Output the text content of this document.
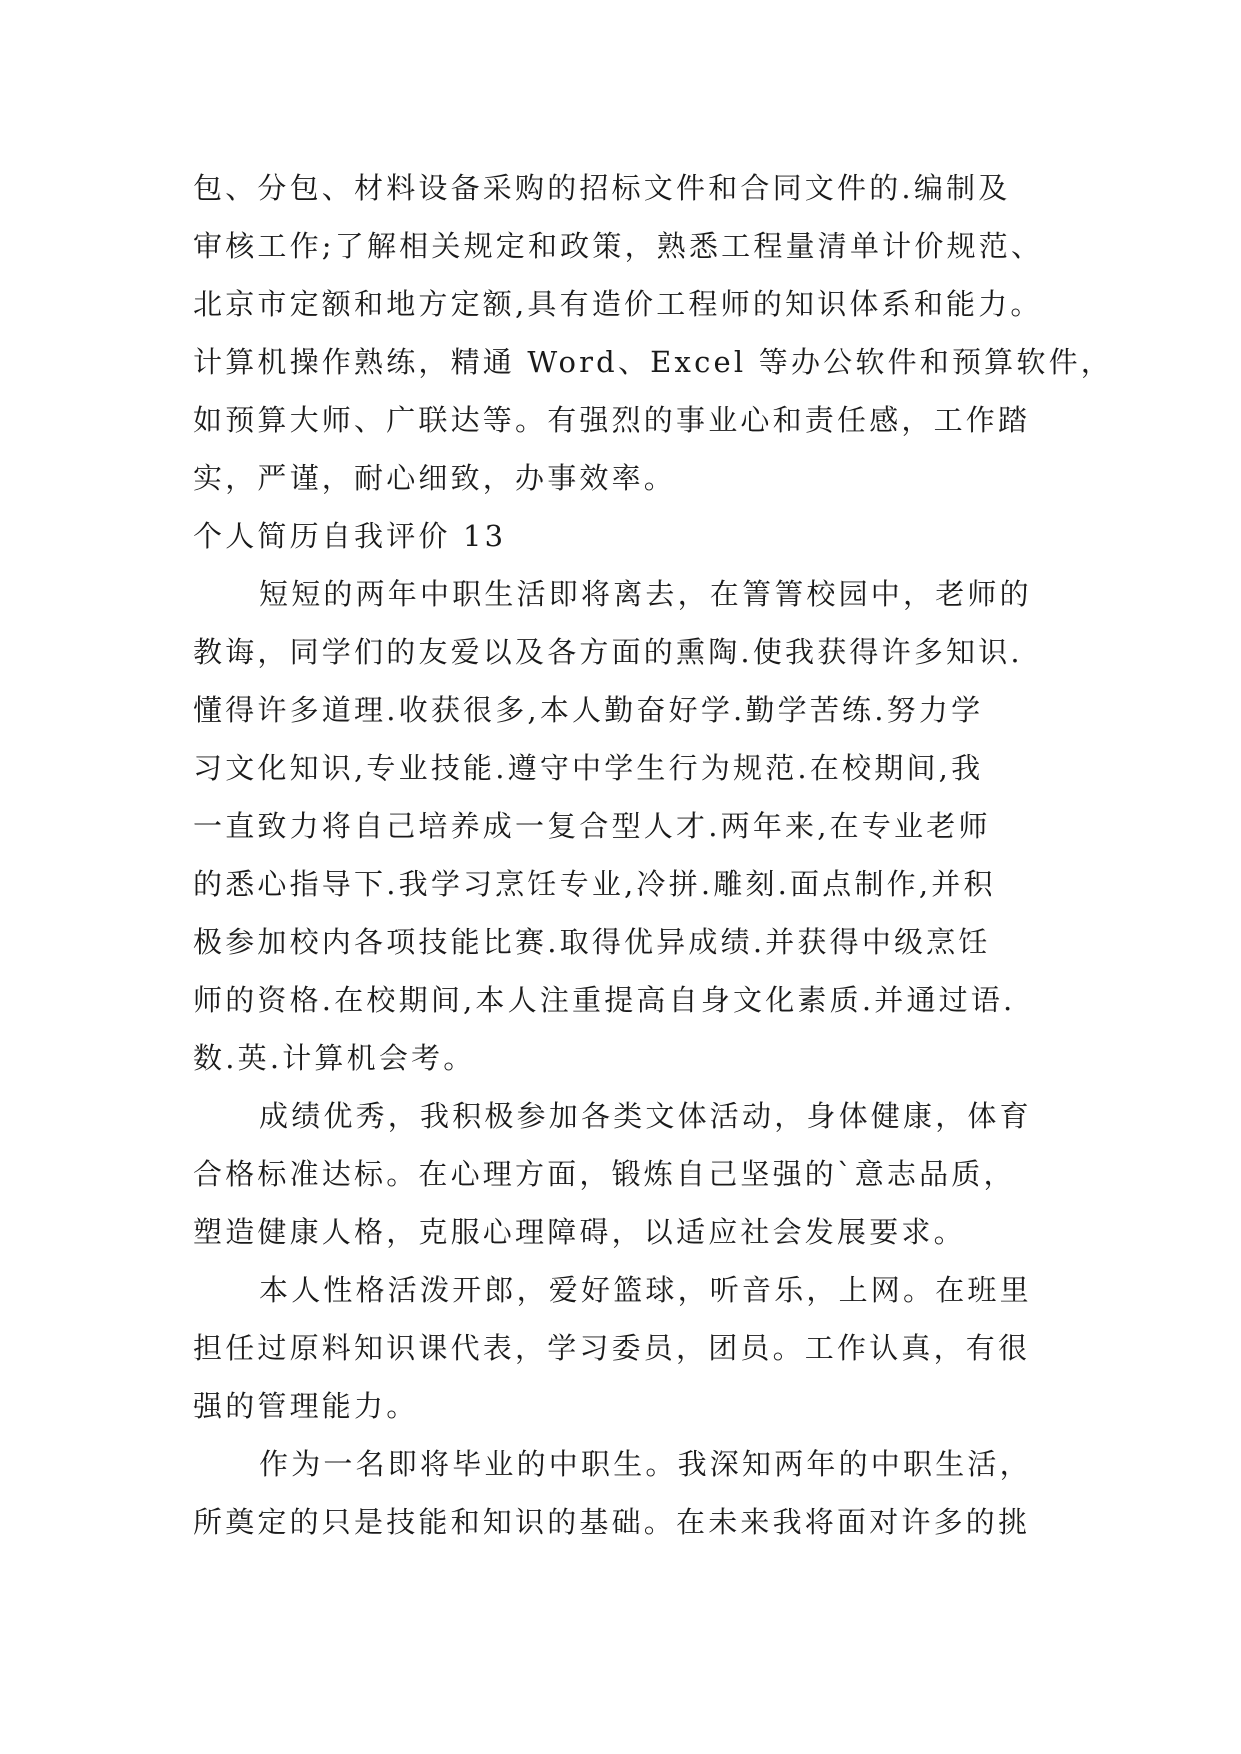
包、分包、材料设备采购的招标文件和合同文件的.编制及
审核工作;了解相关规定和政策，熟悉工程量清单计价规范、
北京市定额和地方定额,具有造价工程师的知识体系和能力。
计算机操作熟练，精通 Word、Excel 等办公软件和预算软件，
如预算大师、广联达等。有强烈的事业心和责任感，工作踏
实，严谨，耐心细致，办事效率。
个人简历自我评价 13
短短的两年中职生活即将离去，在箐箐校园中，老师的
教诲，同学们的友爱以及各方面的熏陶.使我获得许多知识.
懂得许多道理.收获很多,本人勤奋好学.勤学苦练.努力学
习文化知识,专业技能.遵守中学生行为规范.在校期间,我
一直致力将自己培养成一复合型人才.两年来,在专业老师
的悉心指导下.我学习烹饪专业,冷拼.雕刻.面点制作,并积
极参加校内各项技能比赛.取得优异成绩.并获得中级烹饪
师的资格.在校期间,本人注重提高自身文化素质.并通过语.
数.英.计算机会考。
成绩优秀，我积极参加各类文体活动，身体健康，体育
合格标准达标。在心理方面，锻炼自己坚强的`意志品质，
塑造健康人格，克服心理障碍，以适应社会发展要求。
本人性格活泼开郎，爱好篮球，听音乐，上网。在班里
担任过原料知识课代表，学习委员，团员。工作认真，有很
强的管理能力。
作为一名即将毕业的中职生。我深知两年的中职生活，
所奠定的只是技能和知识的基础。在未来我将面对许多的挑
